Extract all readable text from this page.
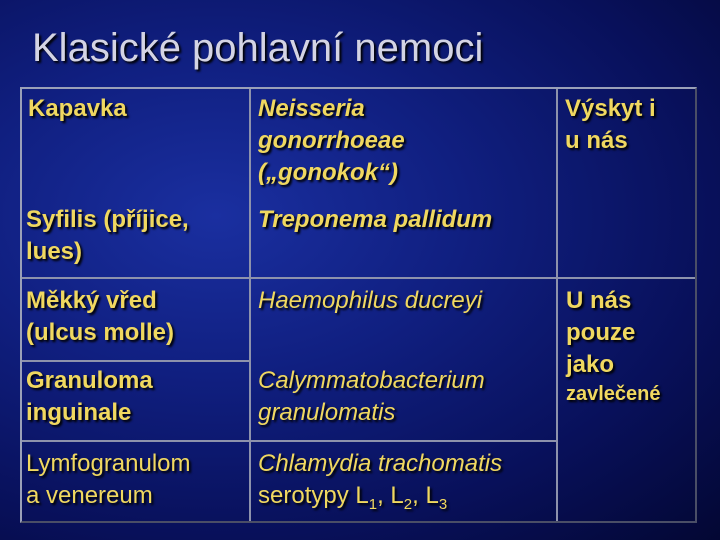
Klasické pohlavní nemoci
Kapavka	Neisseria
gonorrhoeae
(„gonokok“)
Syfilis (příjice,
lues)
Treponema pallidum
Výskyt i
u nás
Měkký vřed
(ulcus molle)
Haemophilus ducreyi	U nás
pouze
jako
zavlečené
Granuloma
inguinale
Calymmatobacterium
granulomatis
Lymfogranulom
a venereum
Chlamydia trachomatis
serotypy $L_1$, $L_2$, $L_3$
